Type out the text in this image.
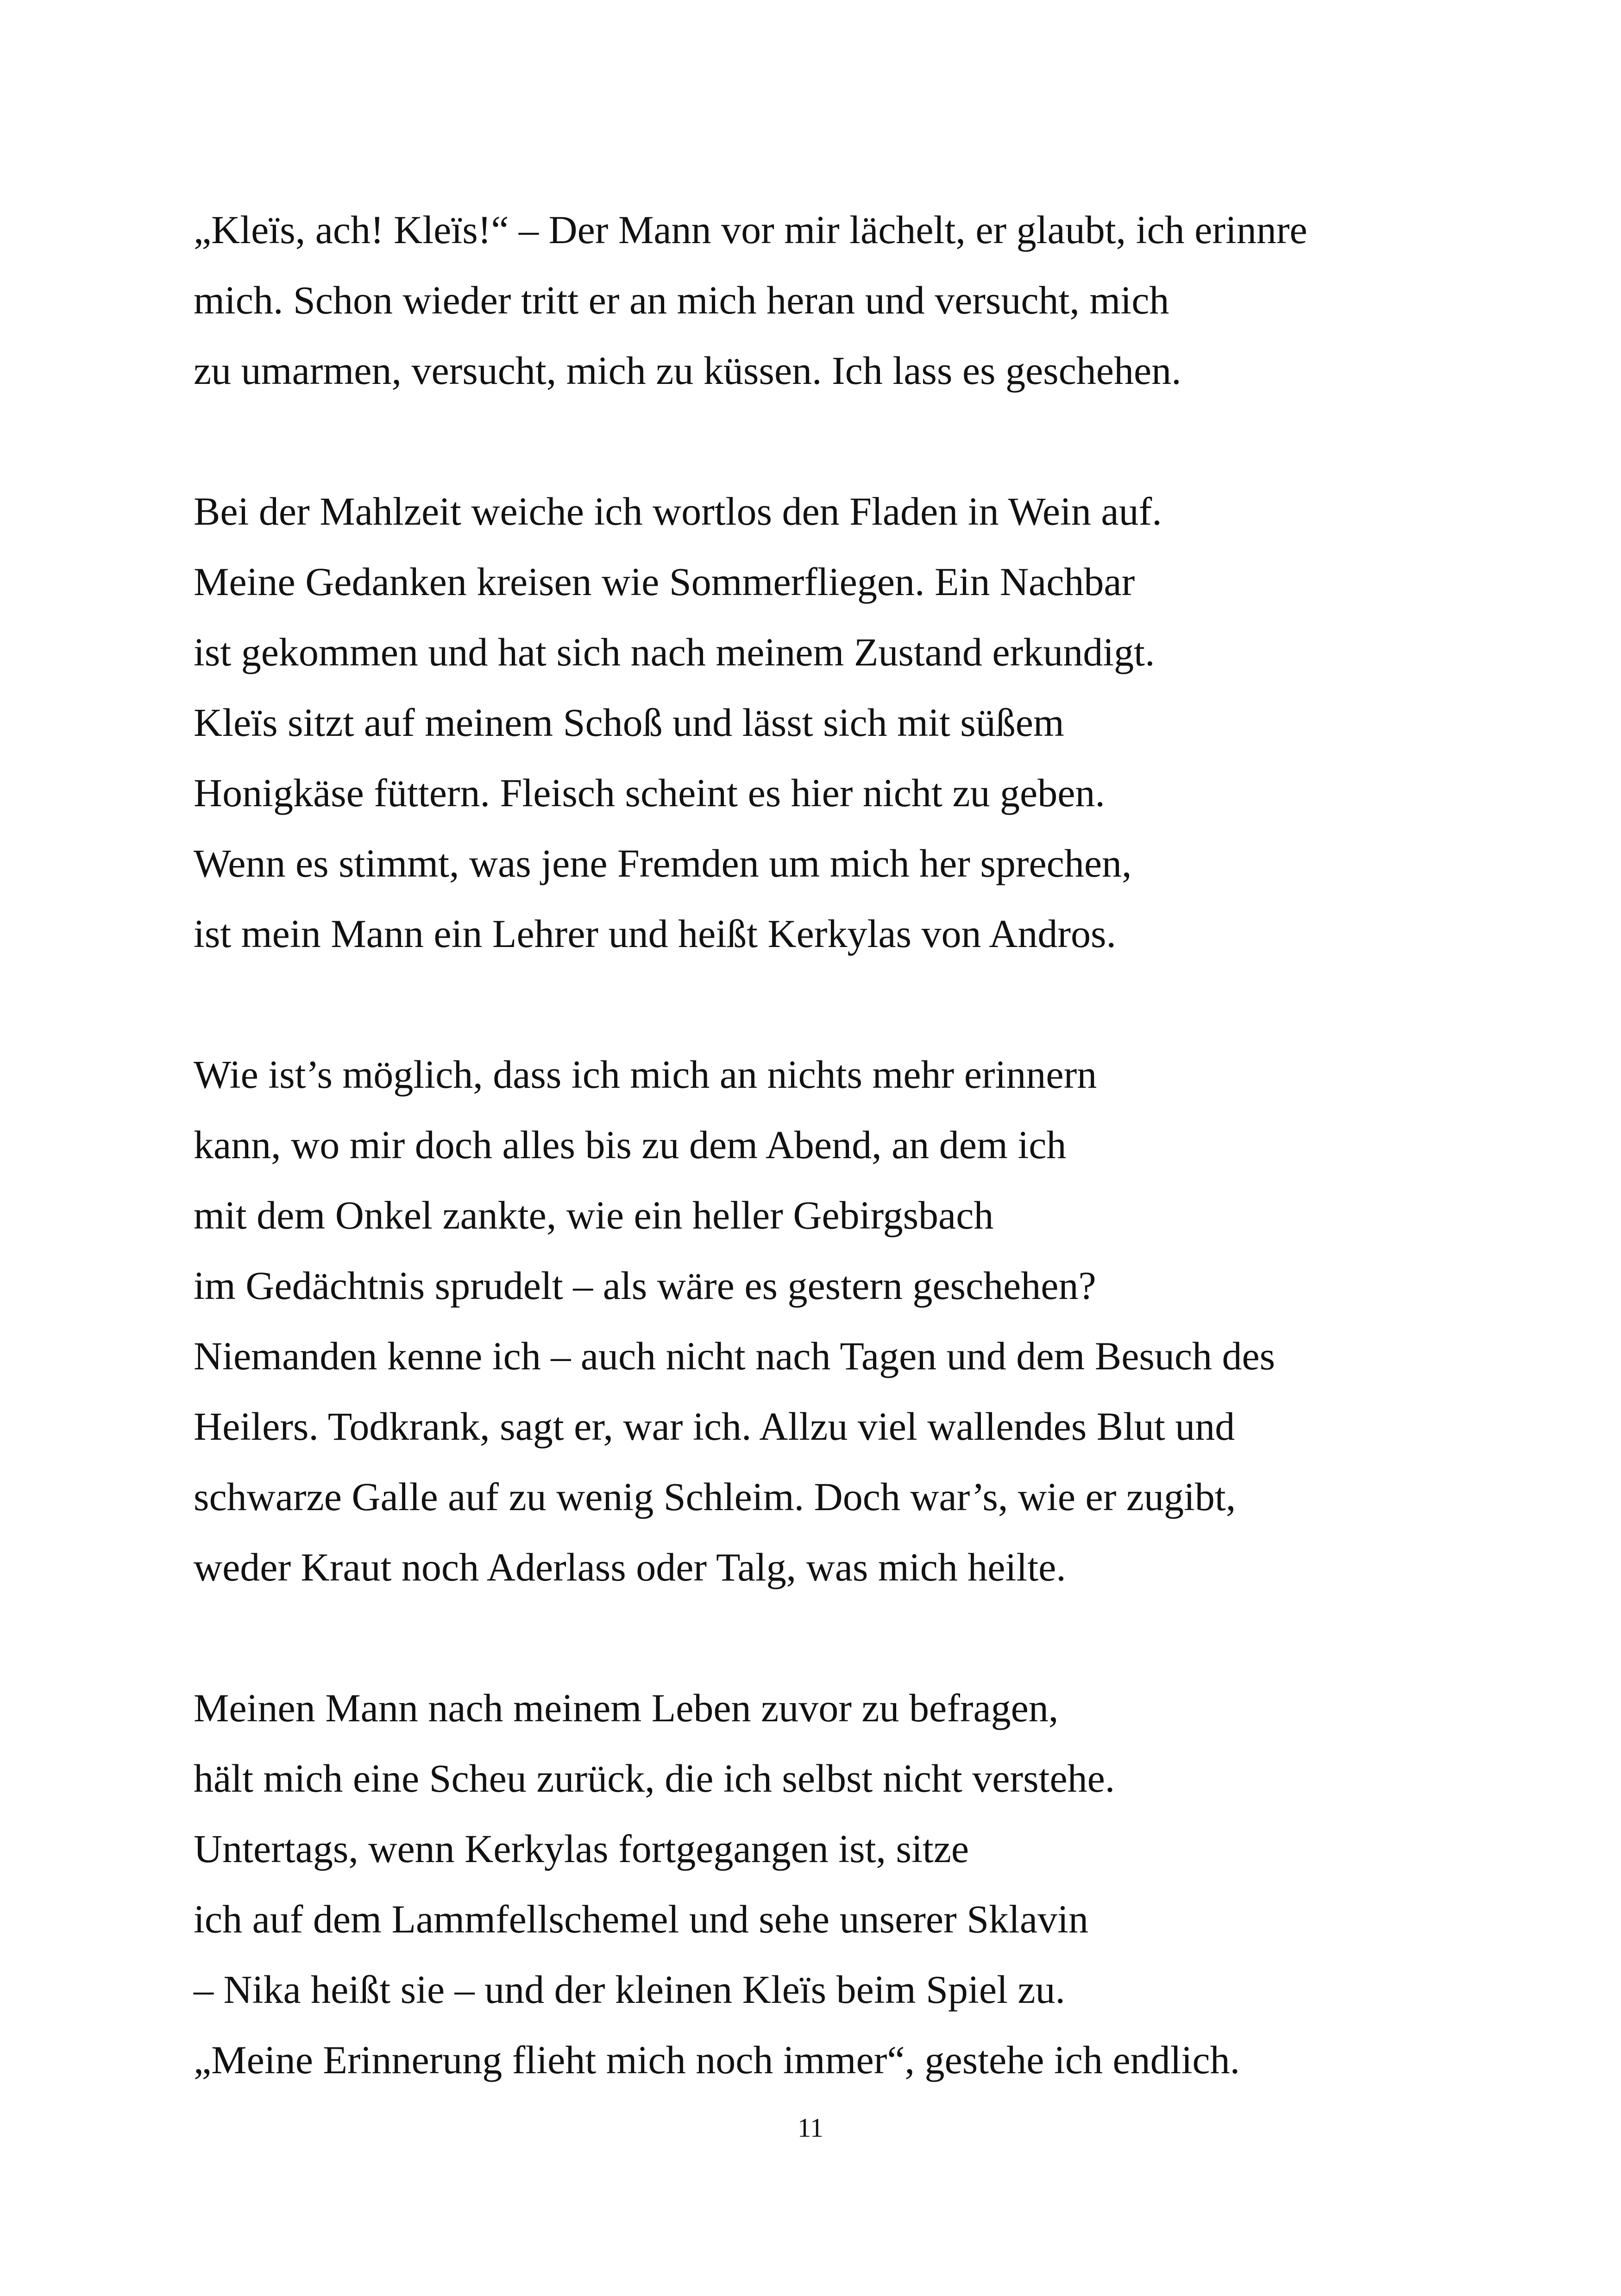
„Kleïs, ach! Kleïs!“ – Der Mann vor mir lächelt, er glaubt, ich erinnre
mich. Schon wieder tritt er an mich heran und versucht, mich
zu umarmen, versucht, mich zu küssen. Ich lass es geschehen.
Bei der Mahlzeit weiche ich wortlos den Fladen in Wein auf.
Meine Gedanken kreisen wie Sommerfliegen. Ein Nachbar
ist gekommen und hat sich nach meinem Zustand erkundigt.
Kleïs sitzt auf meinem Schoß und lässt sich mit süßem
Honigkäse füttern. Fleisch scheint es hier nicht zu geben.
Wenn es stimmt, was jene Fremden um mich her sprechen,
ist mein Mann ein Lehrer und heißt Kerkylas von Andros.
Wie ist’s möglich, dass ich mich an nichts mehr erinnern
kann, wo mir doch alles bis zu dem Abend, an dem ich
mit dem Onkel zankte, wie ein heller Gebirgsbach
im Gedächtnis sprudelt – als wäre es gestern geschehen?
Niemanden kenne ich – auch nicht nach Tagen und dem Besuch des
Heilers. Todkrank, sagt er, war ich. Allzu viel wallendes Blut und
schwarze Galle auf zu wenig Schleim. Doch war’s, wie er zugibt,
weder Kraut noch Aderlass oder Talg, was mich heilte.
Meinen Mann nach meinem Leben zuvor zu befragen,
hält mich eine Scheu zurück, die ich selbst nicht verstehe.
Untertags, wenn Kerkylas fortgegangen ist, sitze
ich auf dem Lammfellschemel und sehe unserer Sklavin
– Nika heißt sie – und der kleinen Kleïs beim Spiel zu.
„Meine Erinnerung flieht mich noch immer“, gestehe ich endlich.
11
